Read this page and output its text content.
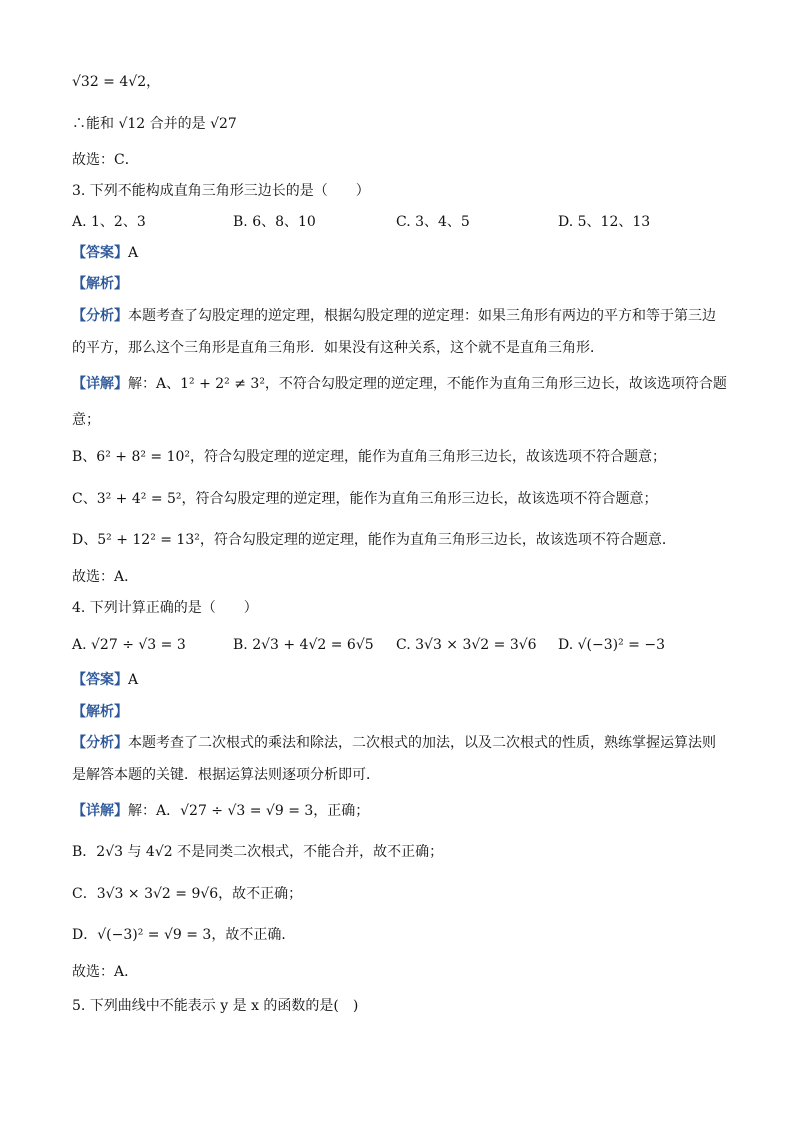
√32 = 4√2，
∴能和 √12 合并的是 √27
故选：C．
3. 下列不能构成直角三角形三边长的是（　　）
A. 1、2、3	B. 6、8、10	C. 3、4、5	D. 5、12、13
【答案】A
【解析】
【分析】本题考查了勾股定理的逆定理，根据勾股定理的逆定理：如果三角形有两边的平方和等于第三边
的平方，那么这个三角形是直角三角形．如果没有这种关系，这个就不是直角三角形．
【详解】解：A、1² + 2² ≠ 3²，不符合勾股定理的逆定理，不能作为直角三角形三边长，故该选项符合题
意；
B、6² + 8² = 10²，符合勾股定理的逆定理，能作为直角三角形三边长，故该选项不符合题意；
C、3² + 4² = 5²，符合勾股定理的逆定理，能作为直角三角形三边长，故该选项不符合题意；
D、5² + 12² = 13²，符合勾股定理的逆定理，能作为直角三角形三边长，故该选项不符合题意．
故选：A．
4. 下列计算正确的是（　　）
A. √27 ÷ √3 = 3	B. 2√3 + 4√2 = 6√5 C. 3√3 × 3√2 = 3√6 D. √(−3)² = −3
【答案】A
【解析】
【分析】本题考查了二次根式的乘法和除法，二次根式的加法，以及二次根式的性质，熟练掌握运算法则
是解答本题的关键．根据运算法则逐项分析即可．
【详解】解：A．√27 ÷ √3 = √9 = 3，正确；
B．2√3 与 4√2 不是同类二次根式，不能合并，故不正确；
C．3√3 × 3√2 = 9√6，故不正确；
D．√(−3)² = √9 = 3，故不正确．
故选：A．
5. 下列曲线中不能表示 y 是 x 的函数的是(　)
